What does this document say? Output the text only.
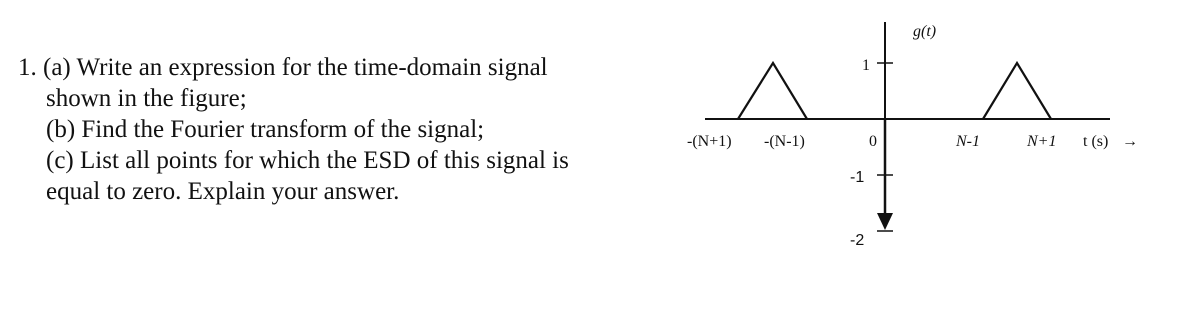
1. (a) Write an expression for the time-domain signal
shown in the figure;
(b) Find the Fourier transform of the signal;
(c) List all points for which the ESD of this signal is
equal to zero. Explain your answer.
g(t)
1
-1
-2
-(N+1) -(N-1)	0	N-1	N+1 t (s) →
